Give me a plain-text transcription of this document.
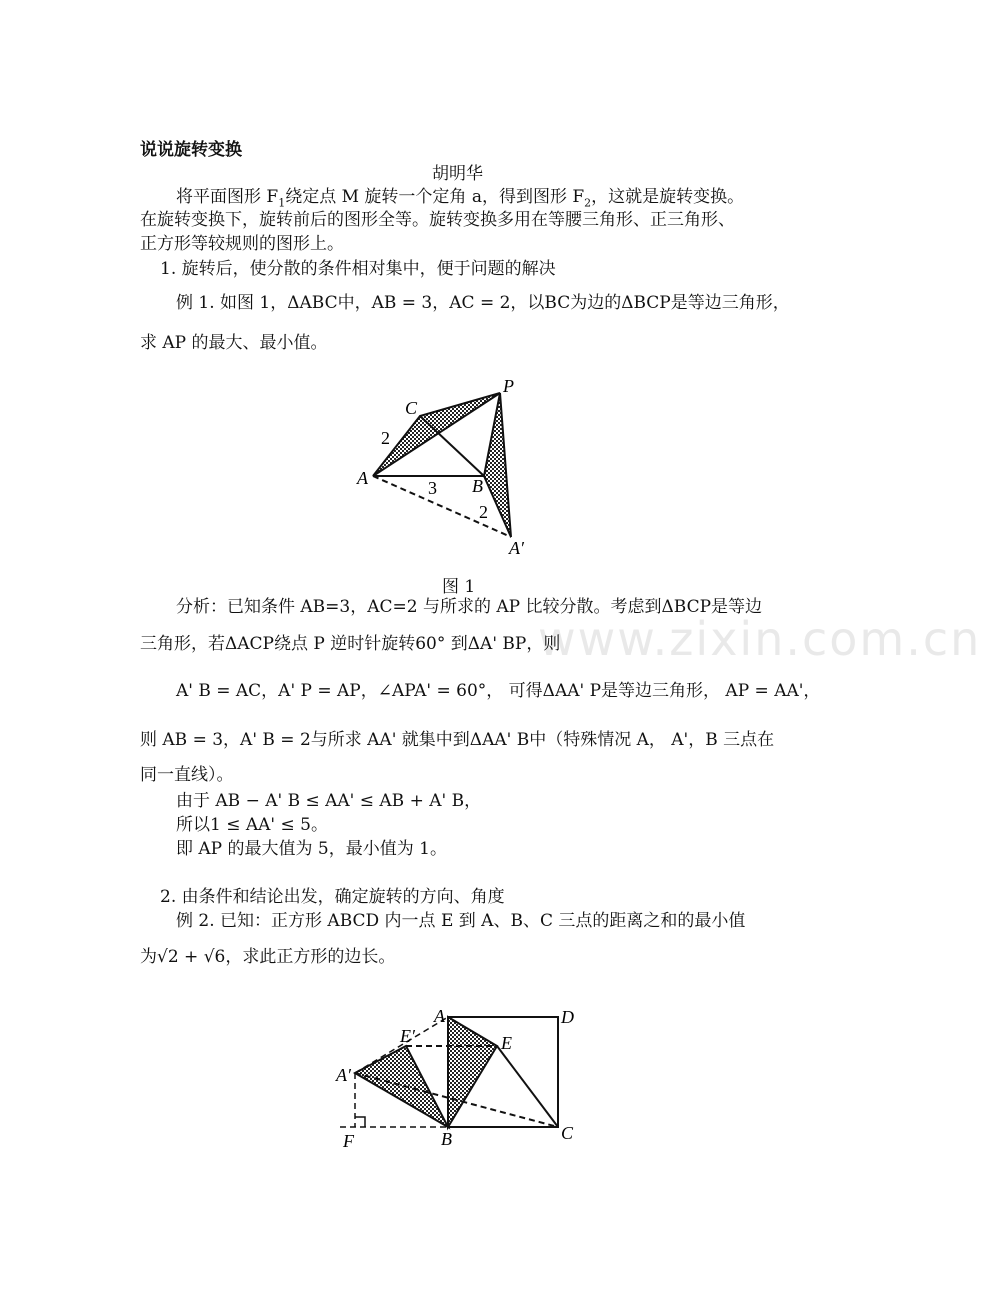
www.zixin.com.cn
说说旋转变换
胡明华
将平面图形 $F_1$绕定点 M 旋转一个定角 a，得到图形 $F_2$，这就是旋转变换。
在旋转变换下，旋转前后的图形全等。旋转变换多用在等腰三角形、正三角形、
正方形等较规则的图形上。
1. 旋转后，使分散的条件相对集中，便于问题的解决
例 1. 如图 1，ΔABC中，AB = 3，AC = 2，以BC为边的ΔBCP是等边三角形，
求 AP 的最大、最小值。
A	B
C
P
A′
2
3
2
图 1
分析：已知条件 AB=3，AC=2 与所求的 AP 比较分散。考虑到ΔBCP是等边
三角形，若ΔACP绕点 P 逆时针旋转60° 到ΔA' BP，则
A' B = AC，A' P = AP，∠APA' = 60°， 可得ΔAA' P是等边三角形， AP = AA'，
则 AB = 3，A' B = 2与所求 AA' 就集中到ΔAA' B中（特殊情况 A， A'，B 三点在
同一直线）。
由于 AB − A' B ≤ AA' ≤ AB + A' B，
所以1 ≤ AA' ≤ 5。
即 AP 的最大值为 5，最小值为 1。
2. 由条件和结论出发，确定旋转的方向、角度
例 2. 已知：正方形 ABCD 内一点 E 到 A、B、C 三点的距离之和的最小值
为√2 + √6，求此正方形的边长。
A
B	C
D
E
E′
A′
F
